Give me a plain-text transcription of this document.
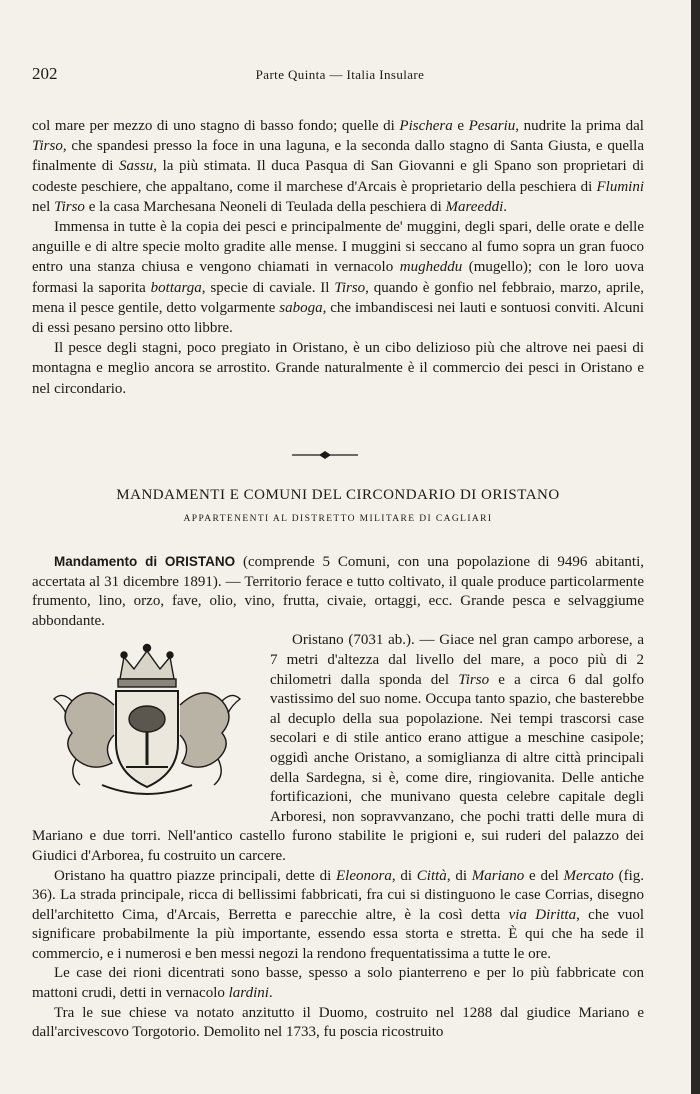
202	Parte Quinta — Italia Insulare

col mare per mezzo di uno stagno di basso fondo; quelle di Pischera e Pesariu, nudrite la prima dal Tirso, che spandesi presso la foce in una laguna, e la seconda dallo stagno di Santa Giusta, e quella finalmente di Sassu, la più stimata. Il duca Pasqua di San Giovanni e gli Spano son proprietari di codeste peschiere, che appaltano, come il marchese d'Arcais è proprietario della peschiera di Flumini nel Tirso e la casa Marchesana Neoneli di Teulada della peschiera di Mareeddi.

Immensa in tutte è la copia dei pesci e principalmente de' muggini, degli spari, delle orate e delle anguille e di altre specie molto gradite alle mense. I muggini si seccano al fumo sopra un gran fuoco entro una stanza chiusa e vengono chiamati in vernacolo mugheddu (mugello); con le loro uova formasi la saporita bottarga, specie di caviale. Il Tirso, quando è gonfio nel febbraio, marzo, aprile, mena il pesce gentile, detto volgarmente saboga, che imbandiscesi nei lauti e sontuosi conviti. Alcuni di essi pesano persino otto libbre.

Il pesce degli stagni, poco pregiato in Oristano, è un cibo delizioso più che altrove nei paesi di montagna e meglio ancora se arrostito. Grande naturalmente è il commercio dei pesci in Oristano e nel circondario.

MANDAMENTI E COMUNI DEL CIRCONDARIO DI ORISTANO
APPARTENENTI AL DISTRETTO MILITARE DI CAGLIARI

Mandamento di ORISTANO (comprende 5 Comuni, con una popolazione di 9496 abitanti, accertata al 31 dicembre 1891). — Territorio ferace e tutto coltivato, il quale produce particolarmente frumento, lino, orzo, fave, olio, vino, frutta, civaie, ortaggi, ecc. Grande pesca e selvaggiume abbondante.

Oristano (7031 ab.). — Giace nel gran campo arborese, a 7 metri d'altezza dal livello del mare, a poco più di 2 chilometri dalla sponda del Tirso e a circa 6 dal golfo vastissimo del suo nome. Occupa tanto spazio, che basterebbe al decuplo della sua popolazione. Nei tempi trascorsi case secolari e di stile antico erano attigue a meschine casipole; oggidì anche Oristano, a somiglianza di altre città principali della Sardegna, si è, come dire, ringiovanita. Delle antiche fortificazioni, che munivano questa celebre capitale degli Arboresi, non sopravvanzano, che pochi tratti delle mura di Mariano e due torri. Nell'antico castello furono stabilite le prigioni e, sui ruderi del palazzo dei Giudici d'Arborea, fu costruito un carcere.

Oristano ha quattro piazze principali, dette di Eleonora, di Città, di Mariano e del Mercato (fig. 36). La strada principale, ricca di bellissimi fabbricati, fra cui si distinguono le case Corrias, disegno dell'architetto Cima, d'Arcais, Berretta e parecchie altre, è la così detta via Diritta, che vuol significare probabilmente la più importante, essendo essa storta e stretta. È qui che ha sede il commercio, e i numerosi e ben messi negozi la rendono frequentatissima a tutte le ore.

Le case dei rioni dicentrati sono basse, spesso a solo pianterreno e per lo più fabbricate con mattoni crudi, detti in vernacolo lardini.

Tra le sue chiese va notato anzitutto il Duomo, costruito nel 1288 dal giudice Mariano e dall'arcivescovo Torgotorio. Demolito nel 1733, fu poscia ricostruito
